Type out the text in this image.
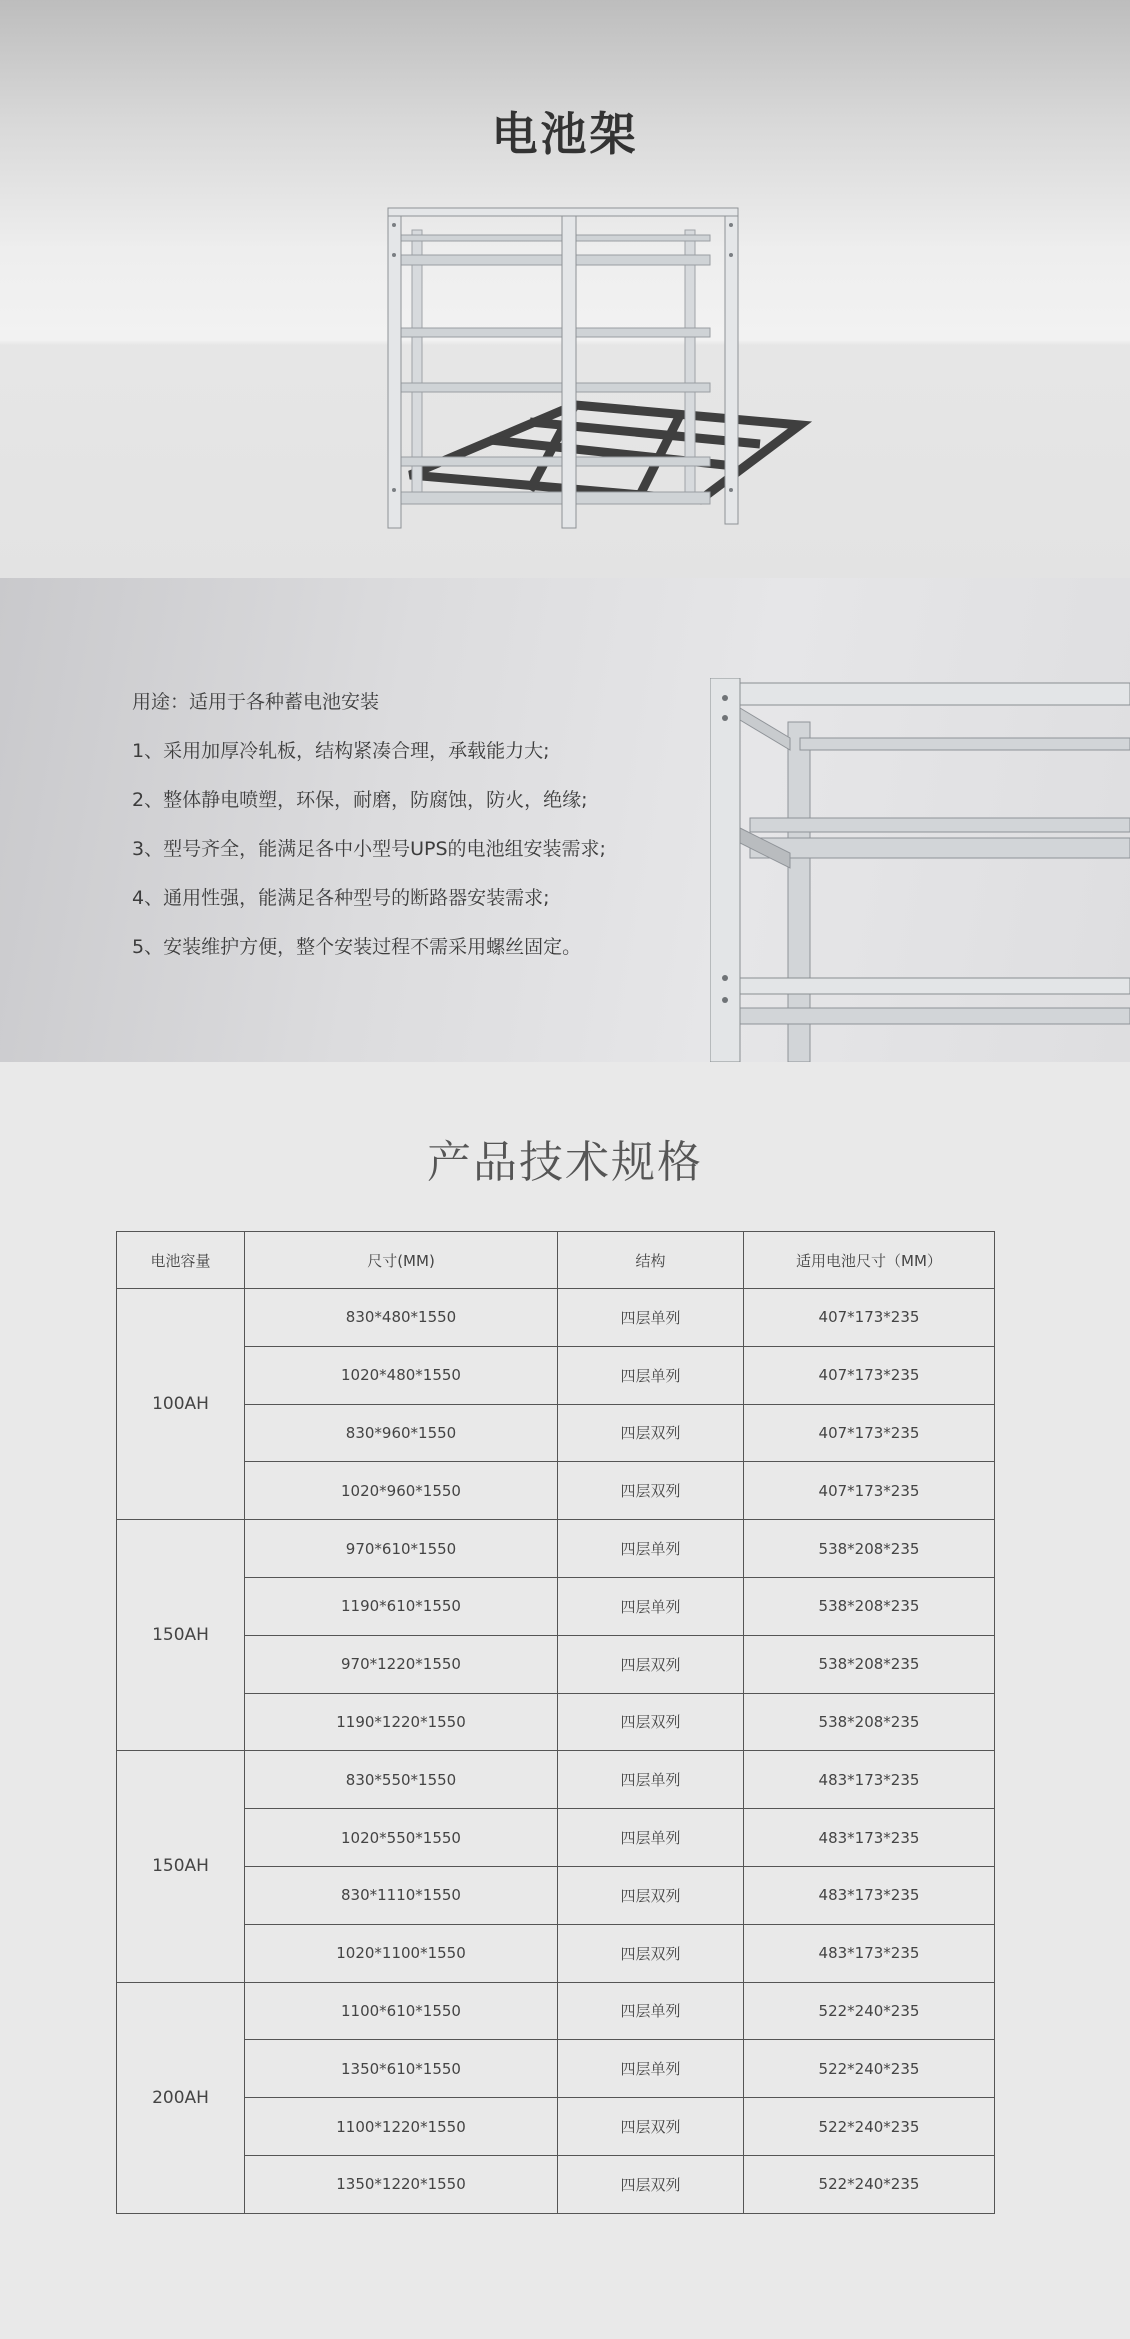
电池架
用途：适用于各种蓄电池安装
1、采用加厚冷轧板，结构紧凑合理，承载能力大;
2、整体静电喷塑，环保，耐磨，防腐蚀，防火，绝缘;
3、型号齐全，能满足各中小型号UPS的电池组安装需求;
4、通用性强，能满足各种型号的断路器安装需求;
5、安装维护方便，整个安装过程不需采用螺丝固定。
产品技术规格
电池容量	尺寸(MM)	结构	适用电池尺寸（MM）
100AH	830*480*1550	四层单列	407*173*235
	1020*480*1550	四层单列	407*173*235
	830*960*1550	四层双列	407*173*235
	1020*960*1550	四层双列	407*173*235
150AH	970*610*1550	四层单列	538*208*235
	1190*610*1550	四层单列	538*208*235
	970*1220*1550	四层双列	538*208*235
	1190*1220*1550	四层双列	538*208*235
150AH	830*550*1550	四层单列	483*173*235
	1020*550*1550	四层单列	483*173*235
	830*1110*1550	四层双列	483*173*235
	1020*1100*1550	四层双列	483*173*235
200AH	1100*610*1550	四层单列	522*240*235
	1350*610*1550	四层单列	522*240*235
	1100*1220*1550	四层双列	522*240*235
	1350*1220*1550	四层双列	522*240*235
